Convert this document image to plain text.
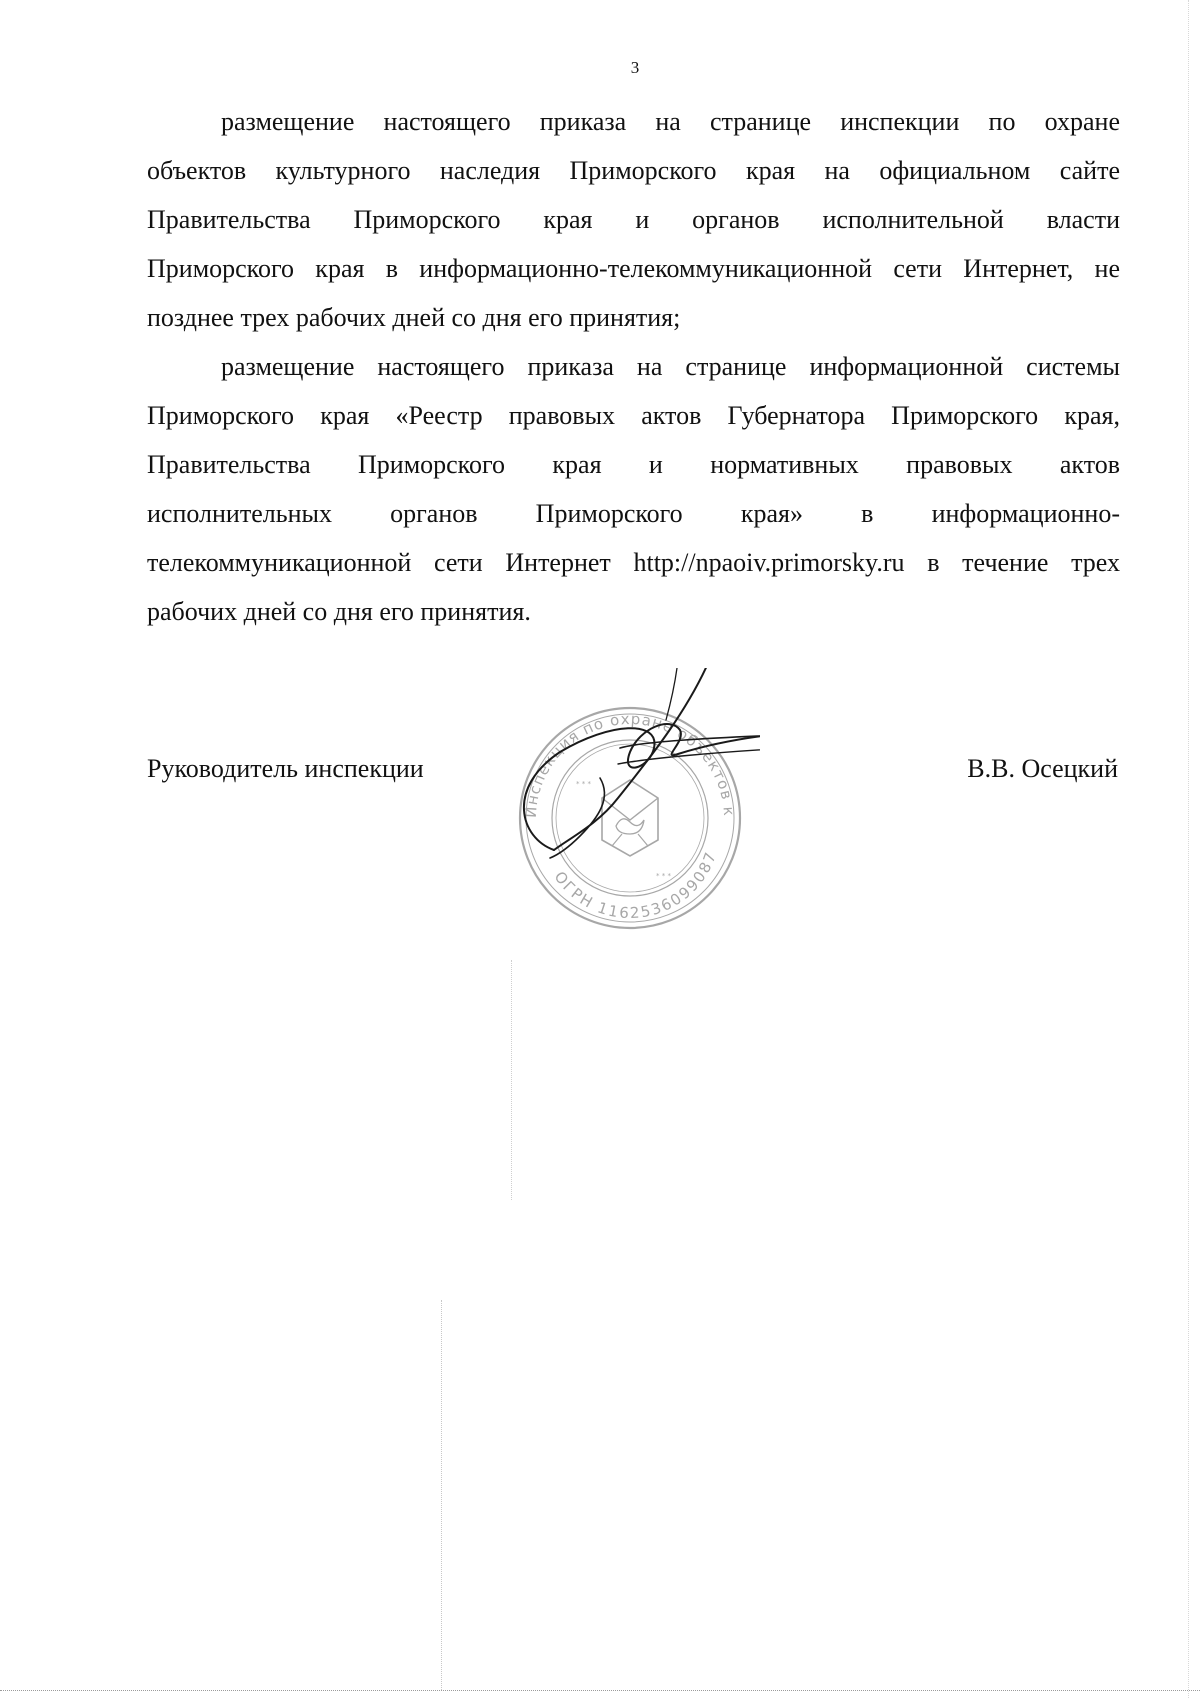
3

размещение настоящего приказа на странице инспекции по охране
объектов культурного наследия Приморского края на официальном сайте
Правительства Приморского края и органов исполнительной власти
Приморского края в информационно-телекоммуникационной сети Интернет, не
позднее трех рабочих дней со дня его принятия;

размещение настоящего приказа на странице информационной системы
Приморского края «Реестр правовых актов Губернатора Приморского края,
Правительства Приморского края и нормативных правовых актов
исполнительных органов Приморского края» в информационно-
телекоммуникационной сети Интернет http://npaoiv.primorsky.ru в течение трех
рабочих дней со дня его принятия.

Руководитель инспекции	В.В. Осецкий
Инспекция по охране объектов к
ОГРН 1162536099087
* * *
* * *
